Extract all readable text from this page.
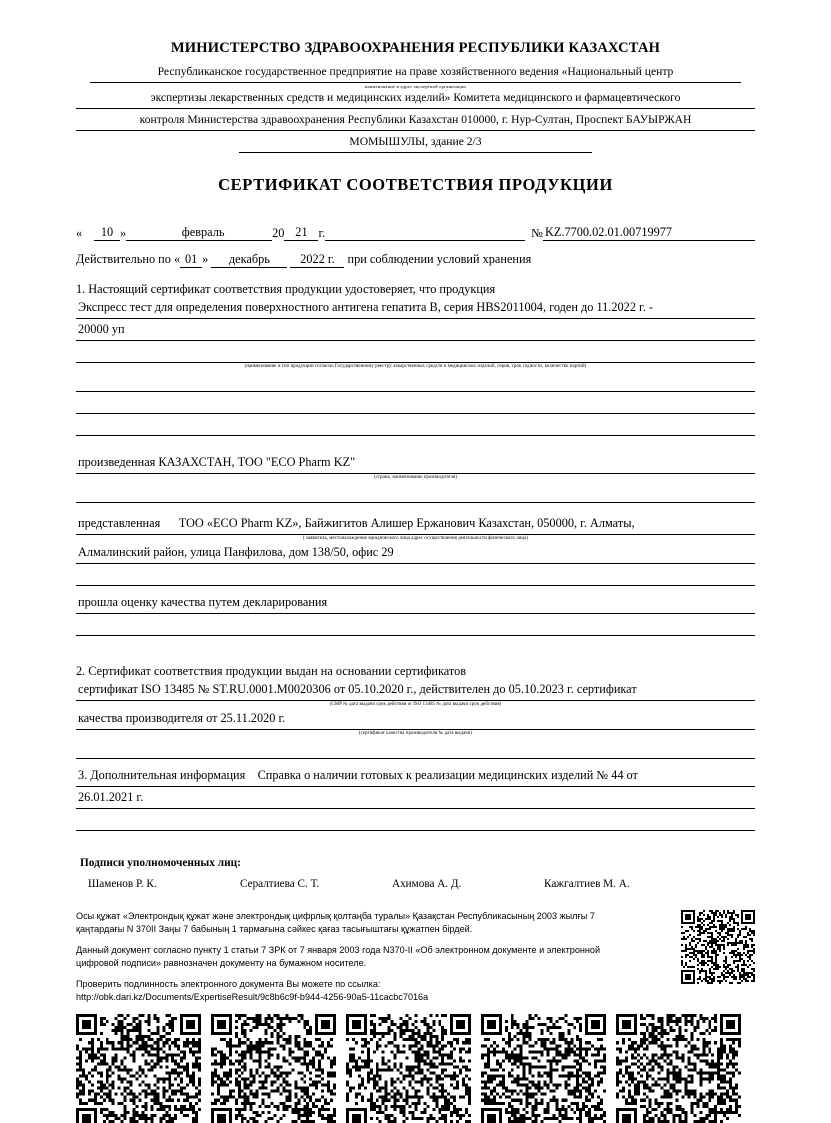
МИНИСТЕРСТВО ЗДРАВООХРАНЕНИЯ РЕСПУБЛИКИ КАЗАХСТАН
Республиканское государственное предприятие на праве хозяйственного ведения «Национальный центр
наименование и адрес экспертной организации
экспертизы лекарственных средств и медицинских изделий» Комитета медицинского и фармацевтического
контроля Министерства здравоохранения Республики Казахстан 010000, г. Нур-Султан, Проспект БАУЫРЖАН
МОМЫШУЛЫ, здание 2/3
СЕРТИФИКАТ СООТВЕТСТВИЯ ПРОДУКЦИИ
«	10 »	февраль	20 21 г.	№ KZ.7700.02.01.00719977
Действительно по « 01 » декабрь 2022 г. при соблюдении условий хранения
1. Настоящий сертификат соответствия продукции удостоверяет, что продукция
Экспресс тест для определения поверхностного антигена гепатита В, серия HBS2011004, годен до 11.2022 г. -
20000 уп
(наименование и тип продукции согласно Государственному реестру лекарственных средств и медицинских изделий, серия, срок годности, количество партий)
произведенная КАЗАХСТАН, ТОО "ECO Pharm KZ"
(страна, наименование производителя)
представленная ТОО «ECO Pharm KZ», Байжигитов Алишер Ержанович Казахстан, 050000, г. Алматы,
( заявитель, местонахождение юридического лица адрес осуществления деятельности физического лица)
Алмалинский район, улица Панфилова, дом 138/50, офис 29
прошла оценку качества путем декларирования
2. Сертификат соответствия продукции выдан на основании сертификатов
сертификат ISO 13485 № ST.RU.0001.M0020306 от 05.10.2020 г., действителен до 05.10.2023 г. сертификат
(GMP № дата выдачи срок действия or ISO 13485 № дата выдачи срок действия)
качества производителя от 25.11.2020 г.
(сертификат качества производителя № дата выдачи)
3. Дополнительная информация Справка о наличии готовых к реализации медицинских изделий № 44 от
26.01.2021 г.
Подписи уполномоченных лиц:
Шаменов Р. К.	Сералтиева С. Т.	Ахимова А. Д.	Кажгалтиев М. А.

Осы құжат «Электрондық құжат және электрондық цифрлық қолтаңба туралы» Қазақстан Республикасының 2003 жылғы 7 қаңтардағы N 370II Заңы 7 бабының 1 тармағына сәйкес қағаз тасығыштағы құжатпен бірдей.

Данный документ согласно пункту 1 статьи 7 ЗРК от 7 января 2003 года N370-II «Об электронном документе и электронной цифровой подписи» равнозначен документу на бумажном носителе.

Проверить подлинность электронного документа Вы можете по ссылка:
http://obk.dari.kz/Documents/ExpertiseResult/9c8b6c9f-b944-4256-90a5-11cacbc7016a
